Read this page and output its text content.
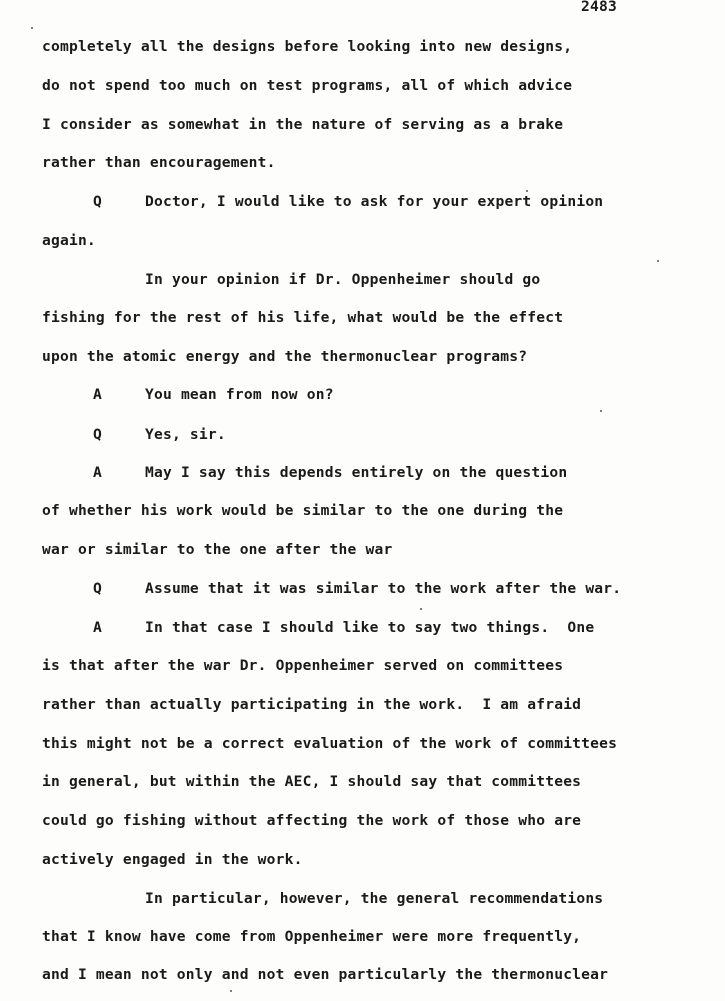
2483
completely all the designs before looking into new designs,
do not spend too much on test programs, all of which advice
I consider as somewhat in the nature of serving as a brake
rather than encouragement.
Q	Doctor, I would like to ask for your expert opinion
again.
In your opinion if Dr. Oppenheimer should go
fishing for the rest of his life, what would be the effect
upon the atomic energy and the thermonuclear programs?
A	You mean from now on?
Q	Yes, sir.
A	May I say this depends entirely on the question
of whether his work would be similar to the one during the
war or similar to the one after the war
Q	Assume that it was similar to the work after the war.
A	In that case I should like to say two things.  One
is that after the war Dr. Oppenheimer served on committees
rather than actually participating in the work.  I am afraid
this might not be a correct evaluation of the work of committees
in general, but within the AEC, I should say that committees
could go fishing without affecting the work of those who are
actively engaged in the work.
In particular, however, the general recommendations
that I know have come from Oppenheimer were more frequently,
and I mean not only and not even particularly the thermonuclear
